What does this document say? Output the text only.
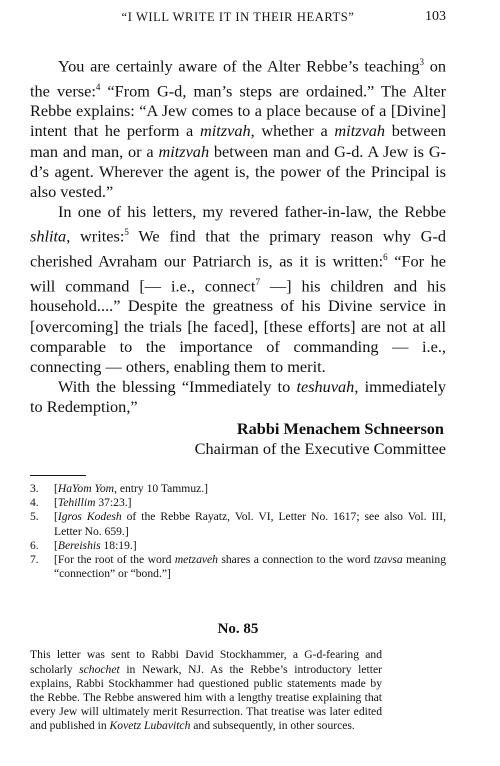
“I WILL WRITE IT IN THEIR HEARTS”	103

You are certainly aware of the Alter Rebbe’s teaching$^3$ on the verse:$^4$ “From G-d, man’s steps are ordained.” The Alter Rebbe explains: “A Jew comes to a place because of a [Divine] intent that he perform a mitzvah, whether a mitzvah between man and man, or a mitzvah between man and G-d. A Jew is G-d’s agent. Wherever the agent is, the power of the Principal is also vested.”

In one of his letters, my revered father-in-law, the Rebbe shlita, writes:$^5$ We find that the primary reason why G-d cherished Avraham our Patriarch is, as it is written:$^6$ “For he will command [— i.e., connect$^7$ —] his children and his household....” Despite the greatness of his Divine service in [overcoming] the trials [he faced], [these efforts] are not at all comparable to the importance of commanding — i.e., connecting — others, enabling them to merit.

With the blessing “Immediately to teshuvah, immediately to Redemption,”

Rabbi Menachem Schneerson
Chairman of the Executive Committee
3.	[HaYom Yom, entry 10 Tammuz.]
4.	[Tehillim 37:23.]
5.	[Igros Kodesh of the Rebbe Rayatz, Vol. VI, Letter No. 1617; see also Vol. III, Letter No. 659.]
6.	[Bereishis 18:19.]
7.	[For the root of the word metzaveh shares a connection to the word tzavsa meaning “connection” or “bond.”]
No. 85
This letter was sent to Rabbi David Stockhammer, a G-d-fearing and scholarly schochet in Newark, NJ. As the Rebbe’s introductory letter explains, Rabbi Stockhammer had questioned public statements made by the Rebbe. The Rebbe answered him with a lengthy treatise explaining that every Jew will ultimately merit Resurrection. That treatise was later edited and published in Kovetz Lubavitch and subsequently, in other sources.
